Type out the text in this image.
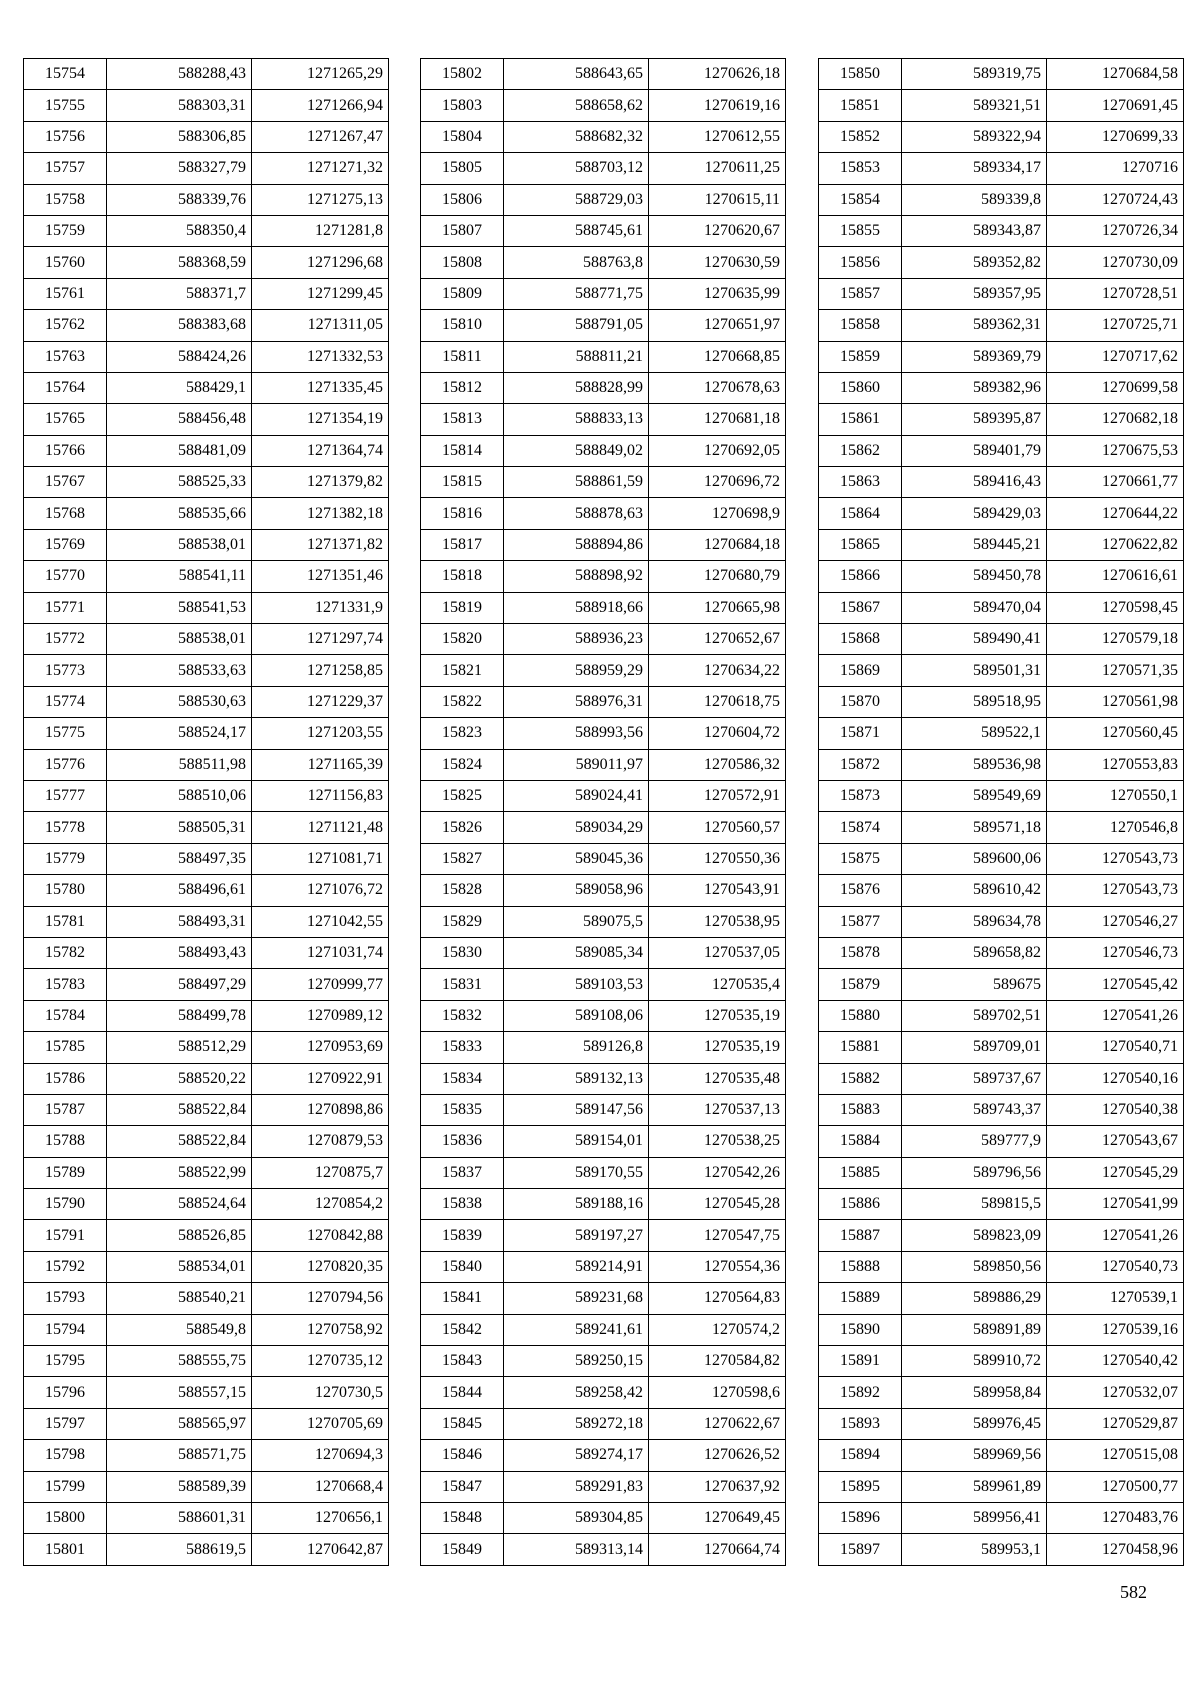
15754	588288,43	1271265,29
15755	588303,31	1271266,94
15756	588306,85	1271267,47
15757	588327,79	1271271,32
15758	588339,76	1271275,13
15759	588350,4	1271281,8
15760	588368,59	1271296,68
15761	588371,7	1271299,45
15762	588383,68	1271311,05
15763	588424,26	1271332,53
15764	588429,1	1271335,45
15765	588456,48	1271354,19
15766	588481,09	1271364,74
15767	588525,33	1271379,82
15768	588535,66	1271382,18
15769	588538,01	1271371,82
15770	588541,11	1271351,46
15771	588541,53	1271331,9
15772	588538,01	1271297,74
15773	588533,63	1271258,85
15774	588530,63	1271229,37
15775	588524,17	1271203,55
15776	588511,98	1271165,39
15777	588510,06	1271156,83
15778	588505,31	1271121,48
15779	588497,35	1271081,71
15780	588496,61	1271076,72
15781	588493,31	1271042,55
15782	588493,43	1271031,74
15783	588497,29	1270999,77
15784	588499,78	1270989,12
15785	588512,29	1270953,69
15786	588520,22	1270922,91
15787	588522,84	1270898,86
15788	588522,84	1270879,53
15789	588522,99	1270875,7
15790	588524,64	1270854,2
15791	588526,85	1270842,88
15792	588534,01	1270820,35
15793	588540,21	1270794,56
15794	588549,8	1270758,92
15795	588555,75	1270735,12
15796	588557,15	1270730,5
15797	588565,97	1270705,69
15798	588571,75	1270694,3
15799	588589,39	1270668,4
15800	588601,31	1270656,1
15801	588619,5	1270642,87
15802	588643,65	1270626,18
15803	588658,62	1270619,16
15804	588682,32	1270612,55
15805	588703,12	1270611,25
15806	588729,03	1270615,11
15807	588745,61	1270620,67
15808	588763,8	1270630,59
15809	588771,75	1270635,99
15810	588791,05	1270651,97
15811	588811,21	1270668,85
15812	588828,99	1270678,63
15813	588833,13	1270681,18
15814	588849,02	1270692,05
15815	588861,59	1270696,72
15816	588878,63	1270698,9
15817	588894,86	1270684,18
15818	588898,92	1270680,79
15819	588918,66	1270665,98
15820	588936,23	1270652,67
15821	588959,29	1270634,22
15822	588976,31	1270618,75
15823	588993,56	1270604,72
15824	589011,97	1270586,32
15825	589024,41	1270572,91
15826	589034,29	1270560,57
15827	589045,36	1270550,36
15828	589058,96	1270543,91
15829	589075,5	1270538,95
15830	589085,34	1270537,05
15831	589103,53	1270535,4
15832	589108,06	1270535,19
15833	589126,8	1270535,19
15834	589132,13	1270535,48
15835	589147,56	1270537,13
15836	589154,01	1270538,25
15837	589170,55	1270542,26
15838	589188,16	1270545,28
15839	589197,27	1270547,75
15840	589214,91	1270554,36
15841	589231,68	1270564,83
15842	589241,61	1270574,2
15843	589250,15	1270584,82
15844	589258,42	1270598,6
15845	589272,18	1270622,67
15846	589274,17	1270626,52
15847	589291,83	1270637,92
15848	589304,85	1270649,45
15849	589313,14	1270664,74
15850	589319,75	1270684,58
15851	589321,51	1270691,45
15852	589322,94	1270699,33
15853	589334,17	1270716
15854	589339,8	1270724,43
15855	589343,87	1270726,34
15856	589352,82	1270730,09
15857	589357,95	1270728,51
15858	589362,31	1270725,71
15859	589369,79	1270717,62
15860	589382,96	1270699,58
15861	589395,87	1270682,18
15862	589401,79	1270675,53
15863	589416,43	1270661,77
15864	589429,03	1270644,22
15865	589445,21	1270622,82
15866	589450,78	1270616,61
15867	589470,04	1270598,45
15868	589490,41	1270579,18
15869	589501,31	1270571,35
15870	589518,95	1270561,98
15871	589522,1	1270560,45
15872	589536,98	1270553,83
15873	589549,69	1270550,1
15874	589571,18	1270546,8
15875	589600,06	1270543,73
15876	589610,42	1270543,73
15877	589634,78	1270546,27
15878	589658,82	1270546,73
15879	589675	1270545,42
15880	589702,51	1270541,26
15881	589709,01	1270540,71
15882	589737,67	1270540,16
15883	589743,37	1270540,38
15884	589777,9	1270543,67
15885	589796,56	1270545,29
15886	589815,5	1270541,99
15887	589823,09	1270541,26
15888	589850,56	1270540,73
15889	589886,29	1270539,1
15890	589891,89	1270539,16
15891	589910,72	1270540,42
15892	589958,84	1270532,07
15893	589976,45	1270529,87
15894	589969,56	1270515,08
15895	589961,89	1270500,77
15896	589956,41	1270483,76
15897	589953,1	1270458,96
582
